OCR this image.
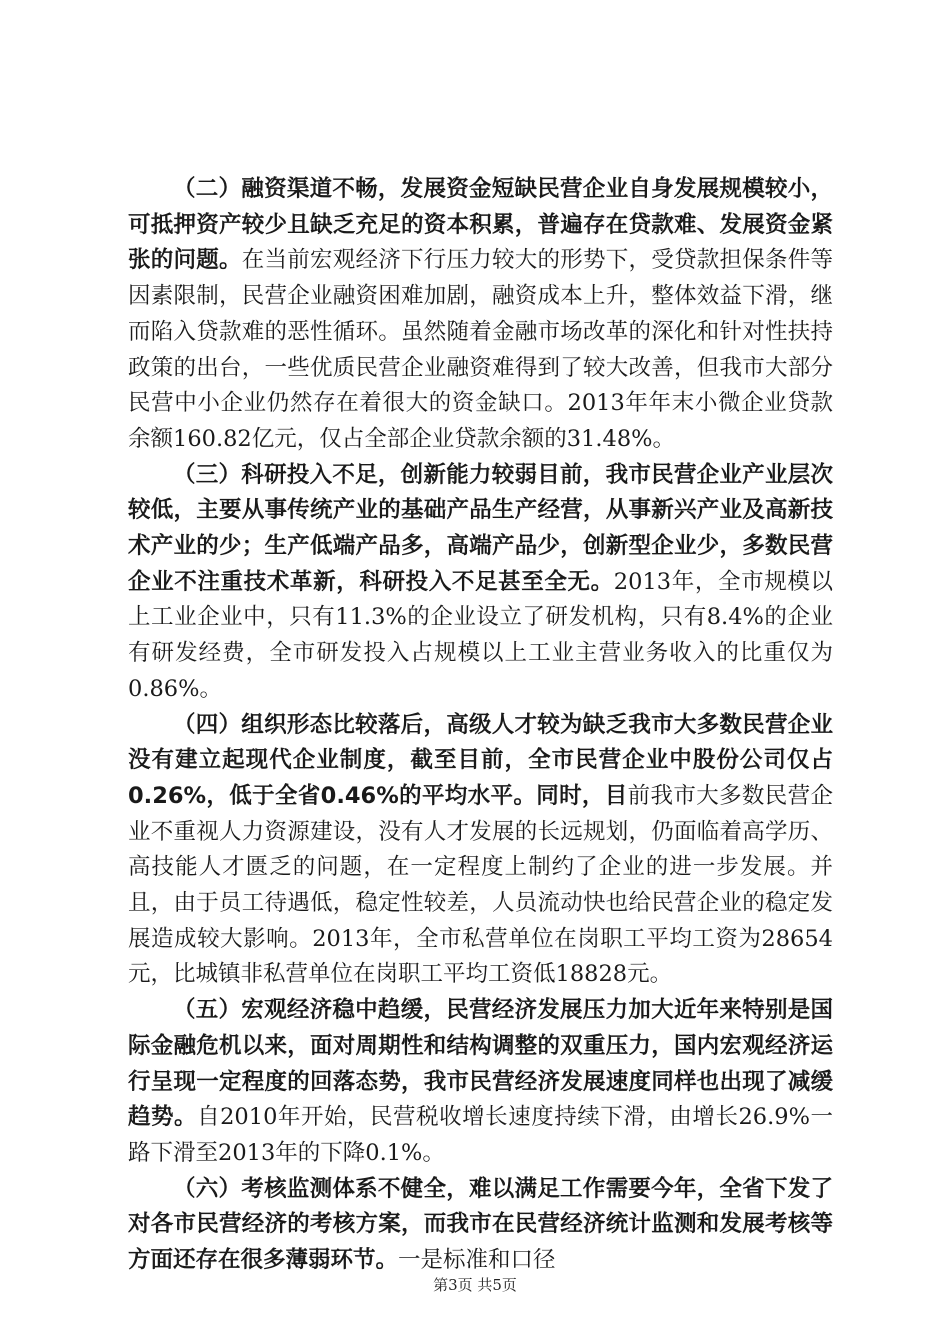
（二）融资渠道不畅，发展资金短缺民营企业自身发展规模较小，可抵押资产较少且缺乏充足的资本积累，普遍存在贷款难、发展资金紧张的问题。在当前宏观经济下行压力较大的形势下，受贷款担保条件等因素限制，民营企业融资困难加剧，融资成本上升，整体效益下滑，继而陷入贷款难的恶性循环。虽然随着金融市场改革的深化和针对性扶持政策的出台，一些优质民营企业融资难得到了较大改善，但我市大部分民营中小企业仍然存在着很大的资金缺口。2013年年末小微企业贷款余额160.82亿元，仅占全部企业贷款余额的31.48%。

（三）科研投入不足，创新能力较弱目前，我市民营企业产业层次较低，主要从事传统产业的基础产品生产经营，从事新兴产业及高新技术产业的少；生产低端产品多，高端产品少，创新型企业少，多数民营企业不注重技术革新，科研投入不足甚至全无。2013年，全市规模以上工业企业中，只有11.3%的企业设立了研发机构，只有8.4%的企业有研发经费，全市研发投入占规模以上工业主营业务收入的比重仅为0.86%。

（四）组织形态比较落后，高级人才较为缺乏我市大多数民营企业没有建立起现代企业制度，截至目前，全市民营企业中股份公司仅占0.26%，低于全省0.46%的平均水平。同时，目前我市大多数民营企业不重视人力资源建设，没有人才发展的长远规划，仍面临着高学历、高技能人才匮乏的问题，在一定程度上制约了企业的进一步发展。并且，由于员工待遇低，稳定性较差，人员流动快也给民营企业的稳定发展造成较大影响。2013年，全市私营单位在岗职工平均工资为28654元，比城镇非私营单位在岗职工平均工资低18828元。

（五）宏观经济稳中趋缓，民营经济发展压力加大近年来特别是国际金融危机以来，面对周期性和结构调整的双重压力，国内宏观经济运行呈现一定程度的回落态势，我市民营经济发展速度同样也出现了减缓趋势。自2010年开始，民营税收增长速度持续下滑，由增长26.9%一路下滑至2013年的下降0.1%。

（六）考核监测体系不健全，难以满足工作需要今年，全省下发了对各市民营经济的考核方案，而我市在民营经济统计监测和发展考核等方面还存在很多薄弱环节。一是标准和口径

第3页 共5页
